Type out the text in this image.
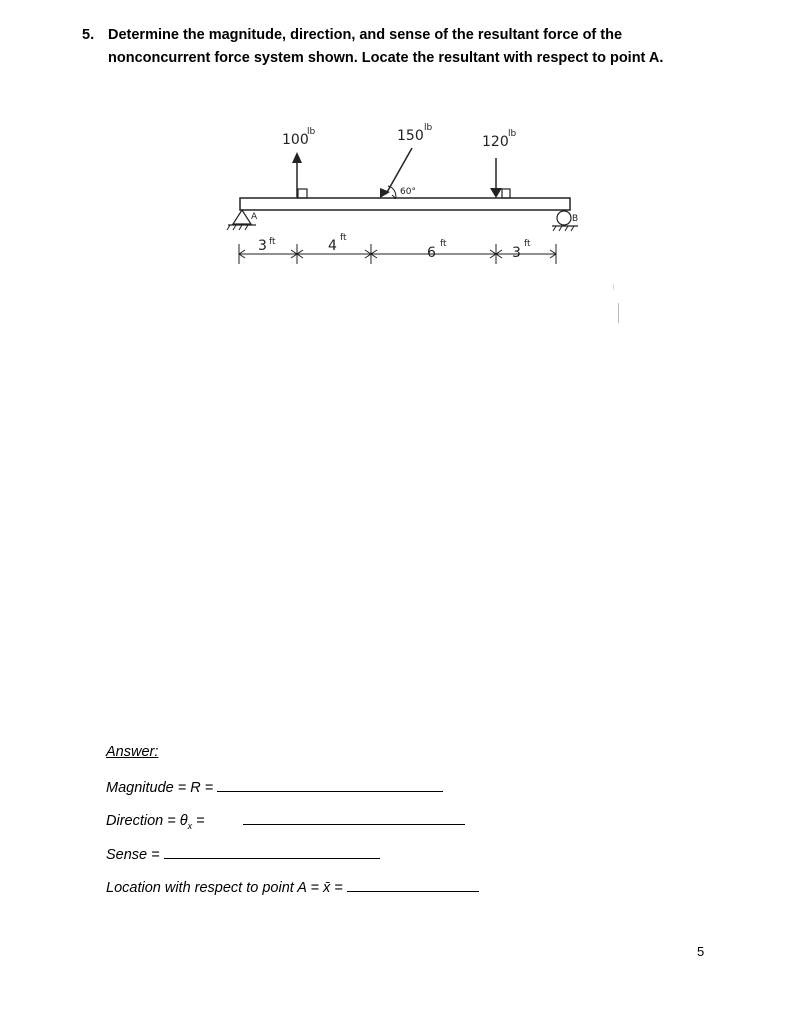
5. Determine the magnitude, direction, and sense of the resultant force of the nonconcurrent force system shown. Locate the resultant with respect to point A.
100
lb	150 lb
120 lb
60°
A	B
3 ft	4 ft
6
ft
3
ft
Answer:
Magnitude = R =
Direction = $\theta_x$ =
Sense =
Location with respect to point A = x̄ =
5
